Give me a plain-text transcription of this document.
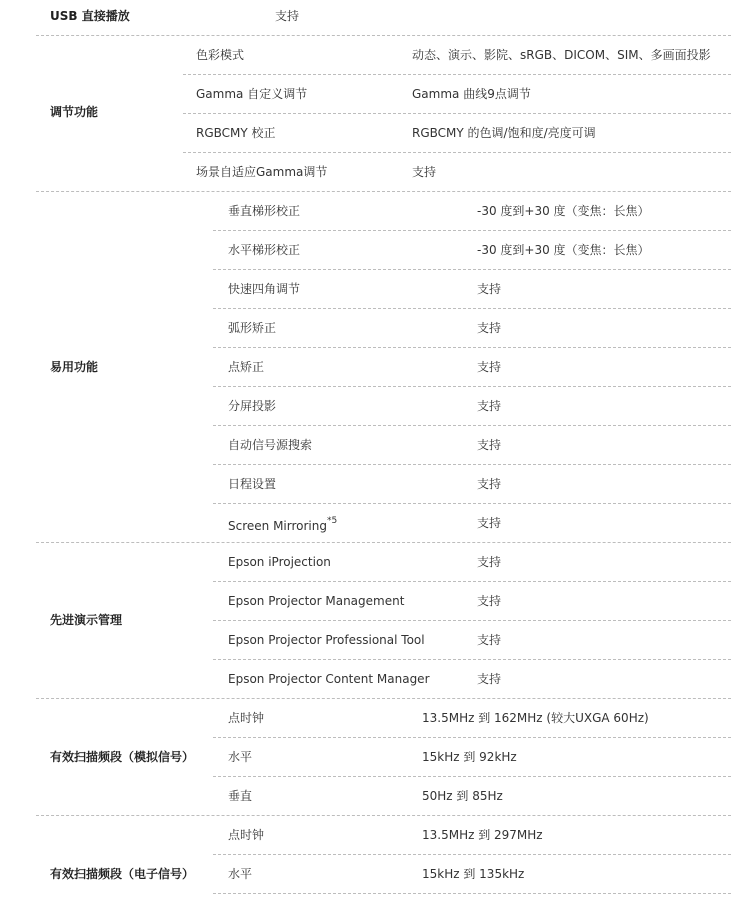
USB 直接播放	支持
调节功能
色彩模式	动态、演示、影院、sRGB、DICOM、SIM、多画面投影
Gamma 自定义调节	Gamma 曲线9点调节
RGBCMY 校正	RGBCMY 的色调/饱和度/亮度可调
场景自适应Gamma调节	支持
易用功能
垂直梯形校正	-30 度到+30 度（变焦：长焦）
水平梯形校正	-30 度到+30 度（变焦：长焦）
快速四角调节	支持
弧形矫正	支持
点矫正	支持
分屏投影	支持
自动信号源搜索	支持
日程设置	支持
Screen Mirroring$^{*5}$	支持
先进演示管理
Epson iProjection	支持
Epson Projector Management	支持
Epson Projector Professional Tool	支持
Epson Projector Content Manager	支持
有效扫描频段（模拟信号）
点时钟	13.5MHz 到 162MHz (较大UXGA 60Hz)
水平	15kHz 到 92kHz
垂直	50Hz 到 85Hz
有效扫描频段（电子信号）
点时钟	13.5MHz 到 297MHz
水平	15kHz 到 135kHz
